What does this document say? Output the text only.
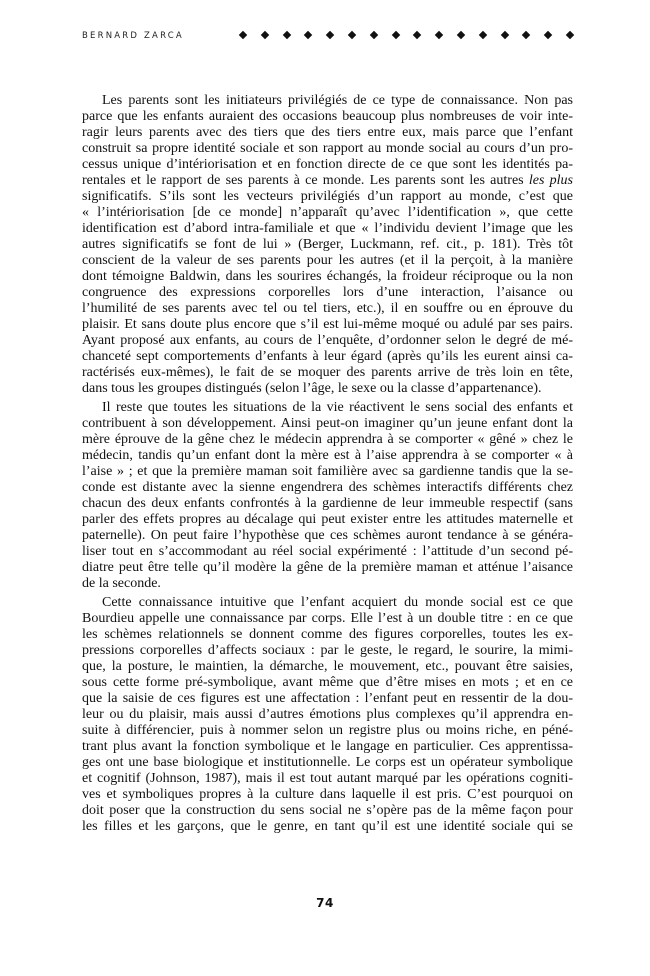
BERNARD ZARCA
Les parents sont les initiateurs privilégiés de ce type de connaissance. Non pas
parce que les enfants auraient des occasions beaucoup plus nombreuses de voir inte-
ragir leurs parents avec des tiers que des tiers entre eux, mais parce que l’enfant
construit sa propre identité sociale et son rapport au monde social au cours d’un pro-
cessus unique d’intériorisation et en fonction directe de ce que sont les identités pa-
rentales et le rapport de ses parents à ce monde. Les parents sont les autres les plus
significatifs. S’ils sont les vecteurs privilégiés d’un rapport au monde, c’est que
« l’intériorisation [de ce monde] n’apparaît qu’avec l’identification », que cette
identification est d’abord intra-familiale et que « l’individu devient l’image que les
autres significatifs se font de lui » (Berger, Luckmann, ref. cit., p. 181). Très tôt
conscient de la valeur de ses parents pour les autres (et il la perçoit, à la manière
dont témoigne Baldwin, dans les sourires échangés, la froideur réciproque ou la non
congruence des expressions corporelles lors d’une interaction, l’aisance ou
l’humilité de ses parents avec tel ou tel tiers, etc.), il en souffre ou en éprouve du
plaisir. Et sans doute plus encore que s’il est lui-même moqué ou adulé par ses pairs.
Ayant proposé aux enfants, au cours de l’enquête, d’ordonner selon le degré de mé-
chanceté sept comportements d’enfants à leur égard (après qu’ils les eurent ainsi ca-
ractérisés eux-mêmes), le fait de se moquer des parents arrive de très loin en tête,
dans tous les groupes distingués (selon l’âge, le sexe ou la classe d’appartenance).
Il reste que toutes les situations de la vie réactivent le sens social des enfants et
contribuent à son développement. Ainsi peut-on imaginer qu’un jeune enfant dont la
mère éprouve de la gêne chez le médecin apprendra à se comporter « gêné » chez le
médecin, tandis qu’un enfant dont la mère est à l’aise apprendra à se comporter « à
l’aise » ; et que la première maman soit familière avec sa gardienne tandis que la se-
conde est distante avec la sienne engendrera des schèmes interactifs différents chez
chacun des deux enfants confrontés à la gardienne de leur immeuble respectif (sans
parler des effets propres au décalage qui peut exister entre les attitudes maternelle et
paternelle). On peut faire l’hypothèse que ces schèmes auront tendance à se généra-
liser tout en s’accommodant au réel social expérimenté : l’attitude d’un second pé-
diatre peut être telle qu’il modère la gêne de la première maman et atténue l’aisance
de la seconde.
Cette connaissance intuitive que l’enfant acquiert du monde social est ce que
Bourdieu appelle une connaissance par corps. Elle l’est à un double titre : en ce que
les schèmes relationnels se donnent comme des figures corporelles, toutes les ex-
pressions corporelles d’affects sociaux : par le geste, le regard, le sourire, la mimi-
que, la posture, le maintien, la démarche, le mouvement, etc., pouvant être saisies,
sous cette forme pré-symbolique, avant même que d’être mises en mots ; et en ce
que la saisie de ces figures est une affectation : l’enfant peut en ressentir de la dou-
leur ou du plaisir, mais aussi d’autres émotions plus complexes qu’il apprendra en-
suite à différencier, puis à nommer selon un registre plus ou moins riche, en péné-
trant plus avant la fonction symbolique et le langage en particulier. Ces apprentissa-
ges ont une base biologique et institutionnelle. Le corps est un opérateur symbolique
et cognitif (Johnson, 1987), mais il est tout autant marqué par les opérations cogniti-
ves et symboliques propres à la culture dans laquelle il est pris. C’est pourquoi on
doit poser que la construction du sens social ne s’opère pas de la même façon pour
les filles et les garçons, que le genre, en tant qu’il est une identité sociale qui se
74
